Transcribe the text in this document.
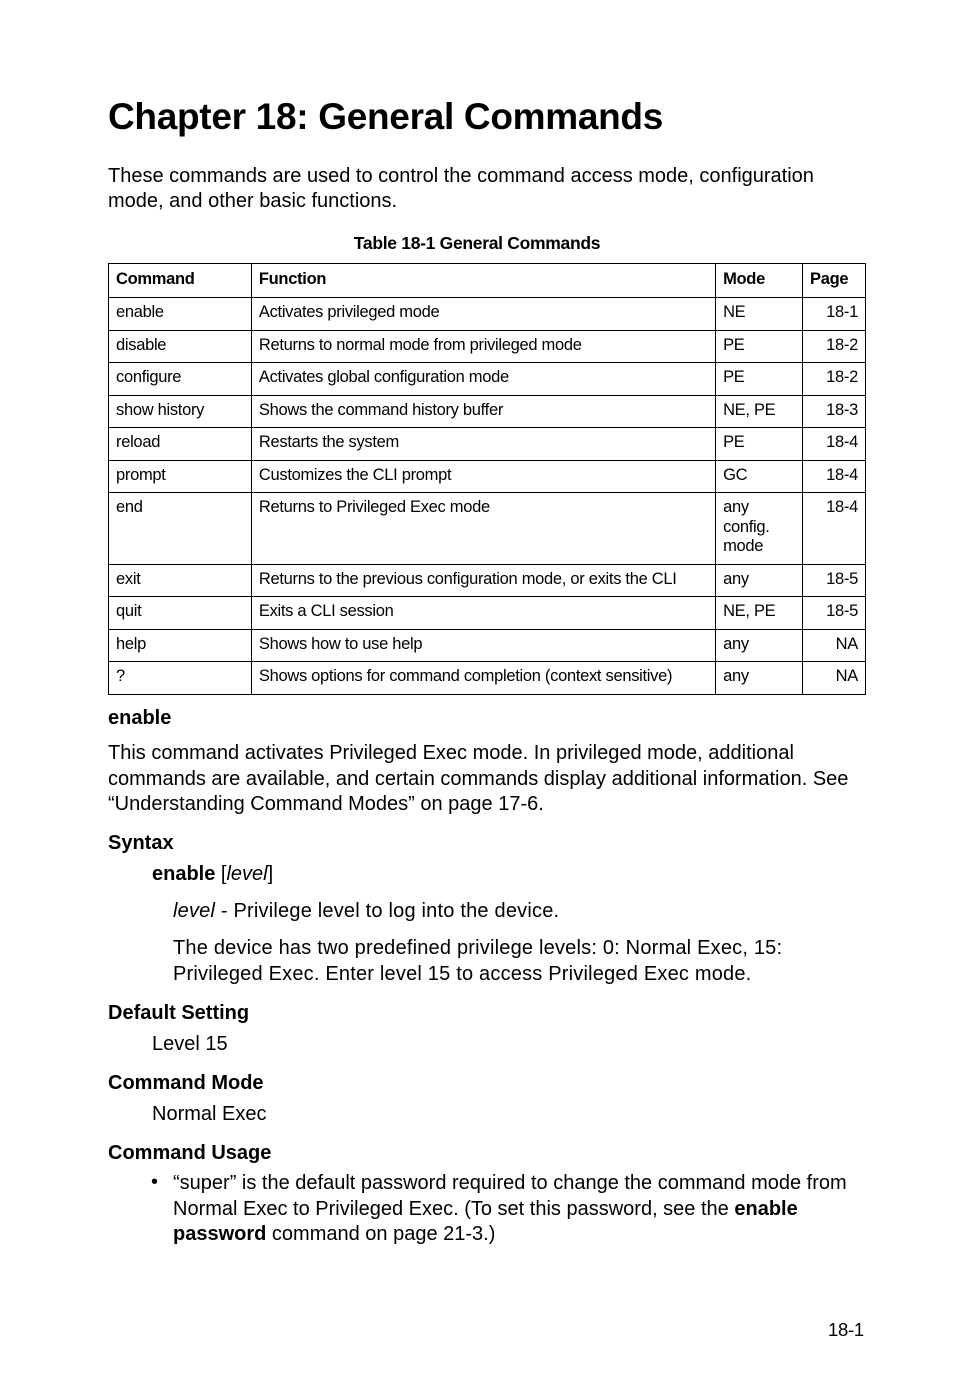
Chapter 18: General Commands
These commands are used to control the command access mode, configuration mode, and other basic functions.
Table 18-1 General Commands
Command	Function	Mode	Page
enable	Activates privileged mode	NE	18-1
disable	Returns to normal mode from privileged mode	PE	18-2
configure	Activates global configuration mode	PE	18-2
show history	Shows the command history buffer	NE, PE	18-3
reload	Restarts the system	PE	18-4
prompt	Customizes the CLI prompt	GC	18-4
end	Returns to Privileged Exec mode	any config. mode	18-4
exit	Returns to the previous configuration mode, or exits the CLI	any	18-5
quit	Exits a CLI session	NE, PE	18-5
help	Shows how to use help	any	NA
?	Shows options for command completion (context sensitive)	any	NA
enable
This command activates Privileged Exec mode. In privileged mode, additional commands are available, and certain commands display additional information. See “Understanding Command Modes” on page 17-6.
Syntax
enable [level]
level - Privilege level to log into the device.
The device has two predefined privilege levels: 0: Normal Exec, 15: Privileged Exec. Enter level 15 to access Privileged Exec mode.
Default Setting
Level 15
Command Mode
Normal Exec
Command Usage
• “super” is the default password required to change the command mode from Normal Exec to Privileged Exec. (To set this password, see the enable password command on page 21-3.)
18-1
